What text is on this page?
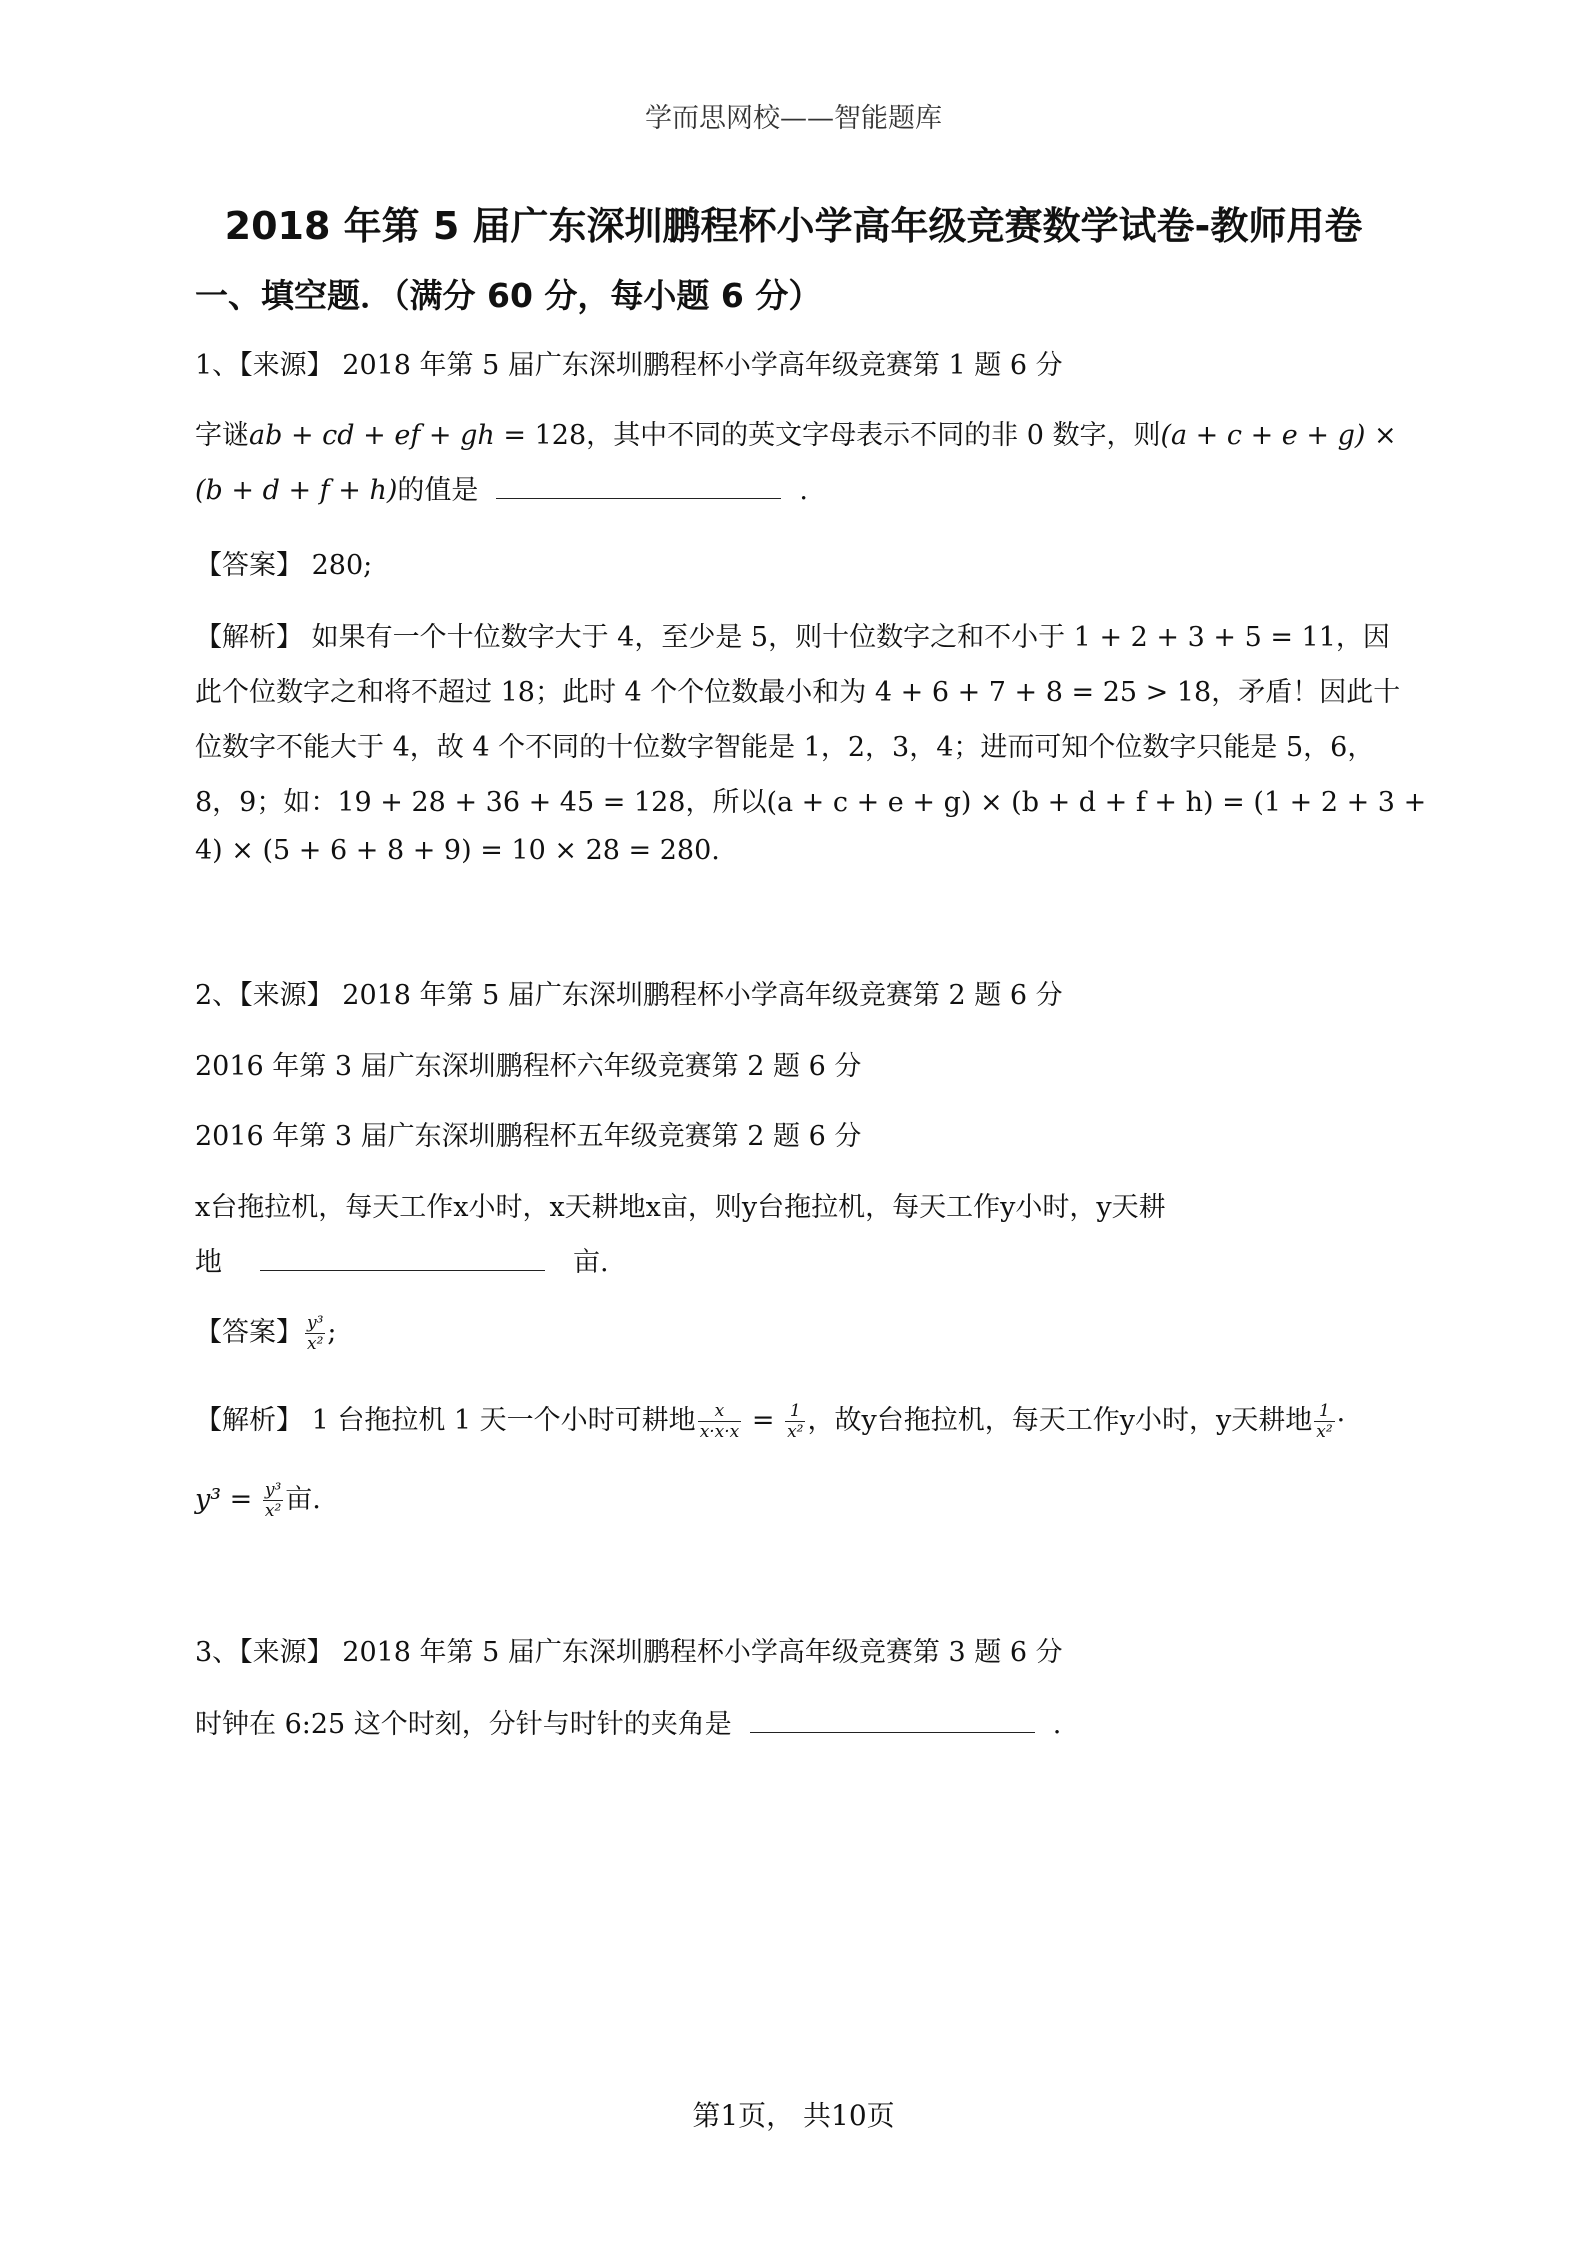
学而思网校——智能题库
2018 年第 5 届广东深圳鹏程杯小学高年级竞赛数学试卷-教师用卷
一、填空题．（满分 60 分，每小题 6 分）
1、【来源】 2018 年第 5 届广东深圳鹏程杯小学高年级竞赛第 1 题 6 分
字谜ab + cd + ef + gh = 128，其中不同的英文字母表示不同的非 0 数字，则(a + c + e + g) ×
(b + d + f + h)的值是	.
【答案】 280;
【解析】 如果有一个十位数字大于 4，至少是 5，则十位数字之和不小于 1 + 2 + 3 + 5 = 11，因
此个位数字之和将不超过 18；此时 4 个个位数最小和为 4 + 6 + 7 + 8 = 25 > 18，矛盾！因此十
位数字不能大于 4，故 4 个不同的十位数字智能是 1，2，3，4；进而可知个位数字只能是 5，6，
8，9；如：19 + 28 + 36 + 45 = 128，所以(a + c + e + g) × (b + d + f + h) = (1 + 2 + 3 +
4) × (5 + 6 + 8 + 9) = 10 × 28 = 280.
2、【来源】 2018 年第 5 届广东深圳鹏程杯小学高年级竞赛第 2 题 6 分
2016 年第 3 届广东深圳鹏程杯六年级竞赛第 2 题 6 分
2016 年第 3 届广东深圳鹏程杯五年级竞赛第 2 题 6 分
x台拖拉机，每天工作x小时，x天耕地x亩，则y台拖拉机，每天工作y小时，y天耕
地	亩.
【答案】 $\frac{\text{y³}}{\text{x²}}$ ;
【解析】 1 台拖拉机 1 天一个小时可耕地 $\frac{x}{x\cdot x\cdot x} = \frac{1}{\text{x²}}$ ，故y台拖拉机，每天工作y小时，y天耕地 $\frac{1}{\text{x²}}$ ·
$y^3 = \frac{\text{y³}}{\text{x²}}$ 亩.
3、【来源】 2018 年第 5 届广东深圳鹏程杯小学高年级竞赛第 3 题 6 分
时钟在 6:25 这个时刻，分针与时针的夹角是	.
第1页， 共10页
